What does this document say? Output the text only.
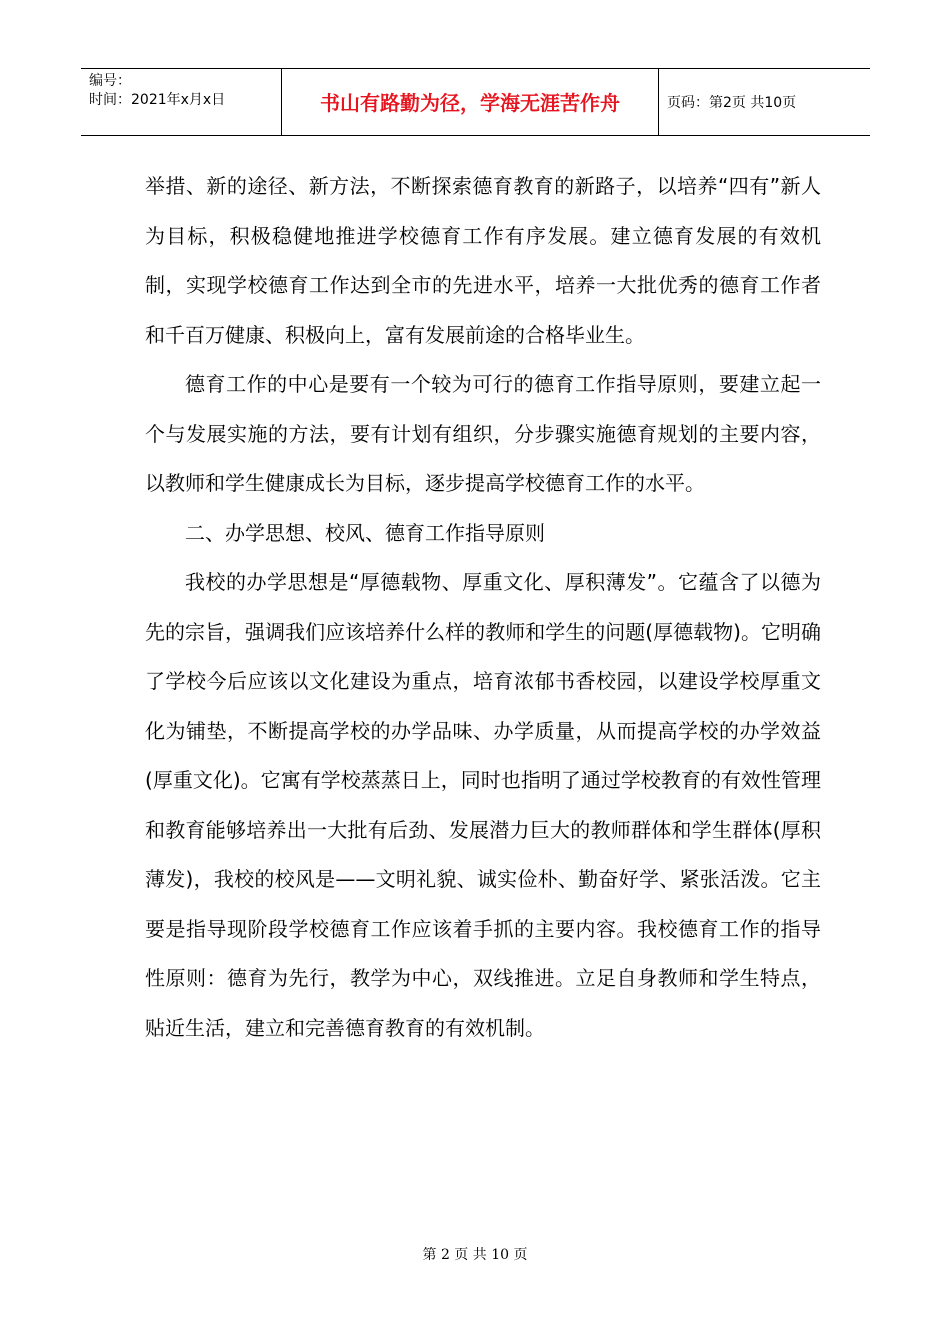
编号：
时间：2021年x月x日	书山有路勤为径，学海无涯苦作舟	页码：第2页 共10页

举措、新的途径、新方法，不断探索德育教育的新路子，以培养“四有”新人为目标，积极稳健地推进学校德育工作有序发展。建立德育发展的有效机制，实现学校德育工作达到全市的先进水平，培养一大批优秀的德育工作者和千百万健康、积极向上，富有发展前途的合格毕业生。

德育工作的中心是要有一个较为可行的德育工作指导原则，要建立起一个与发展实施的方法，要有计划有组织，分步骤实施德育规划的主要内容，以教师和学生健康成长为目标，逐步提高学校德育工作的水平。

二、办学思想、校风、德育工作指导原则

我校的办学思想是“厚德载物、厚重文化、厚积薄发”。它蕴含了以德为先的宗旨，强调我们应该培养什么样的教师和学生的问题(厚德载物)。它明确了学校今后应该以文化建设为重点，培育浓郁书香校园，以建设学校厚重文化为铺垫，不断提高学校的办学品味、办学质量，从而提高学校的办学效益(厚重文化)。它寓有学校蒸蒸日上，同时也指明了通过学校教育的有效性管理和教育能够培养出一大批有后劲、发展潜力巨大的教师群体和学生群体(厚积薄发)，我校的校风是——文明礼貌、诚实俭朴、勤奋好学、紧张活泼。它主要是指导现阶段学校德育工作应该着手抓的主要内容。我校德育工作的指导性原则：德育为先行，教学为中心，双线推进。立足自身教师和学生特点，贴近生活，建立和完善德育教育的有效机制。

第 2 页 共 10 页
